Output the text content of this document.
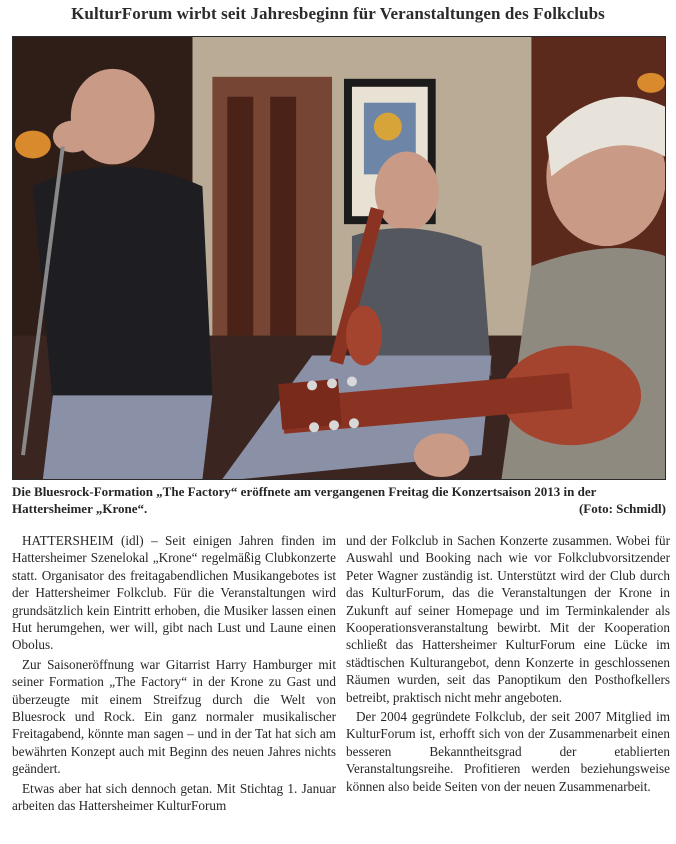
KulturForum wirbt seit Jahresbeginn für Veranstaltungen des Folkclubs
Die Bluesrock-Formation „The Factory“ eröffnete am vergangenen Freitag die Konzertsaison 2013 in der Hattersheimer „Krone“.	(Foto: Schmidl)

HATTERSHEIM (idl) – Seit einigen Jahren finden im Hattersheimer Szenelokal „Krone“ regelmäßig Clubkonzerte statt. Organisator des freitagabendlichen Musikangebotes ist der Hattersheimer Folkclub. Für die Veranstaltungen wird grundsätzlich kein Eintritt erhoben, die Musiker lassen einen Hut herumgehen, wer will, gibt nach Lust und Laune einen Obolus.

Zur Saisoneröffnung war Gitarrist Harry Hamburger mit seiner Formation „The Factory“ in der Krone zu Gast und überzeugte mit einem Streifzug durch die Welt von Bluesrock und Rock. Ein ganz normaler musikalischer Freitagabend, könnte man sagen – und in der Tat hat sich am bewährten Konzept auch mit Beginn des neuen Jahres nichts geändert.

Etwas aber hat sich dennoch getan. Mit Stichtag 1. Januar arbeiten das Hattersheimer KulturForum

und der Folkclub in Sachen Konzerte zusammen. Wobei für Auswahl und Booking nach wie vor Folkclubvorsitzender Peter Wagner zuständig ist. Unterstützt wird der Club durch das KulturForum, das die Veranstaltungen der Krone in Zukunft auf seiner Homepage und im Terminkalender als Kooperationsveranstaltung bewirbt. Mit der Kooperation schließt das Hattersheimer KulturForum eine Lücke im städtischen Kulturangebot, denn Konzerte in geschlossenen Räumen wurden, seit das Panoptikum den Posthofkellers betreibt, praktisch nicht mehr angeboten.

Der 2004 gegründete Folkclub, der seit 2007 Mitglied im KulturForum ist, erhofft sich von der Zusammenarbeit einen besseren Bekanntheitsgrad der etablierten Veranstaltungsreihe. Profitieren werden beziehungsweise können also beide Seiten von der neuen Zusammenarbeit.
